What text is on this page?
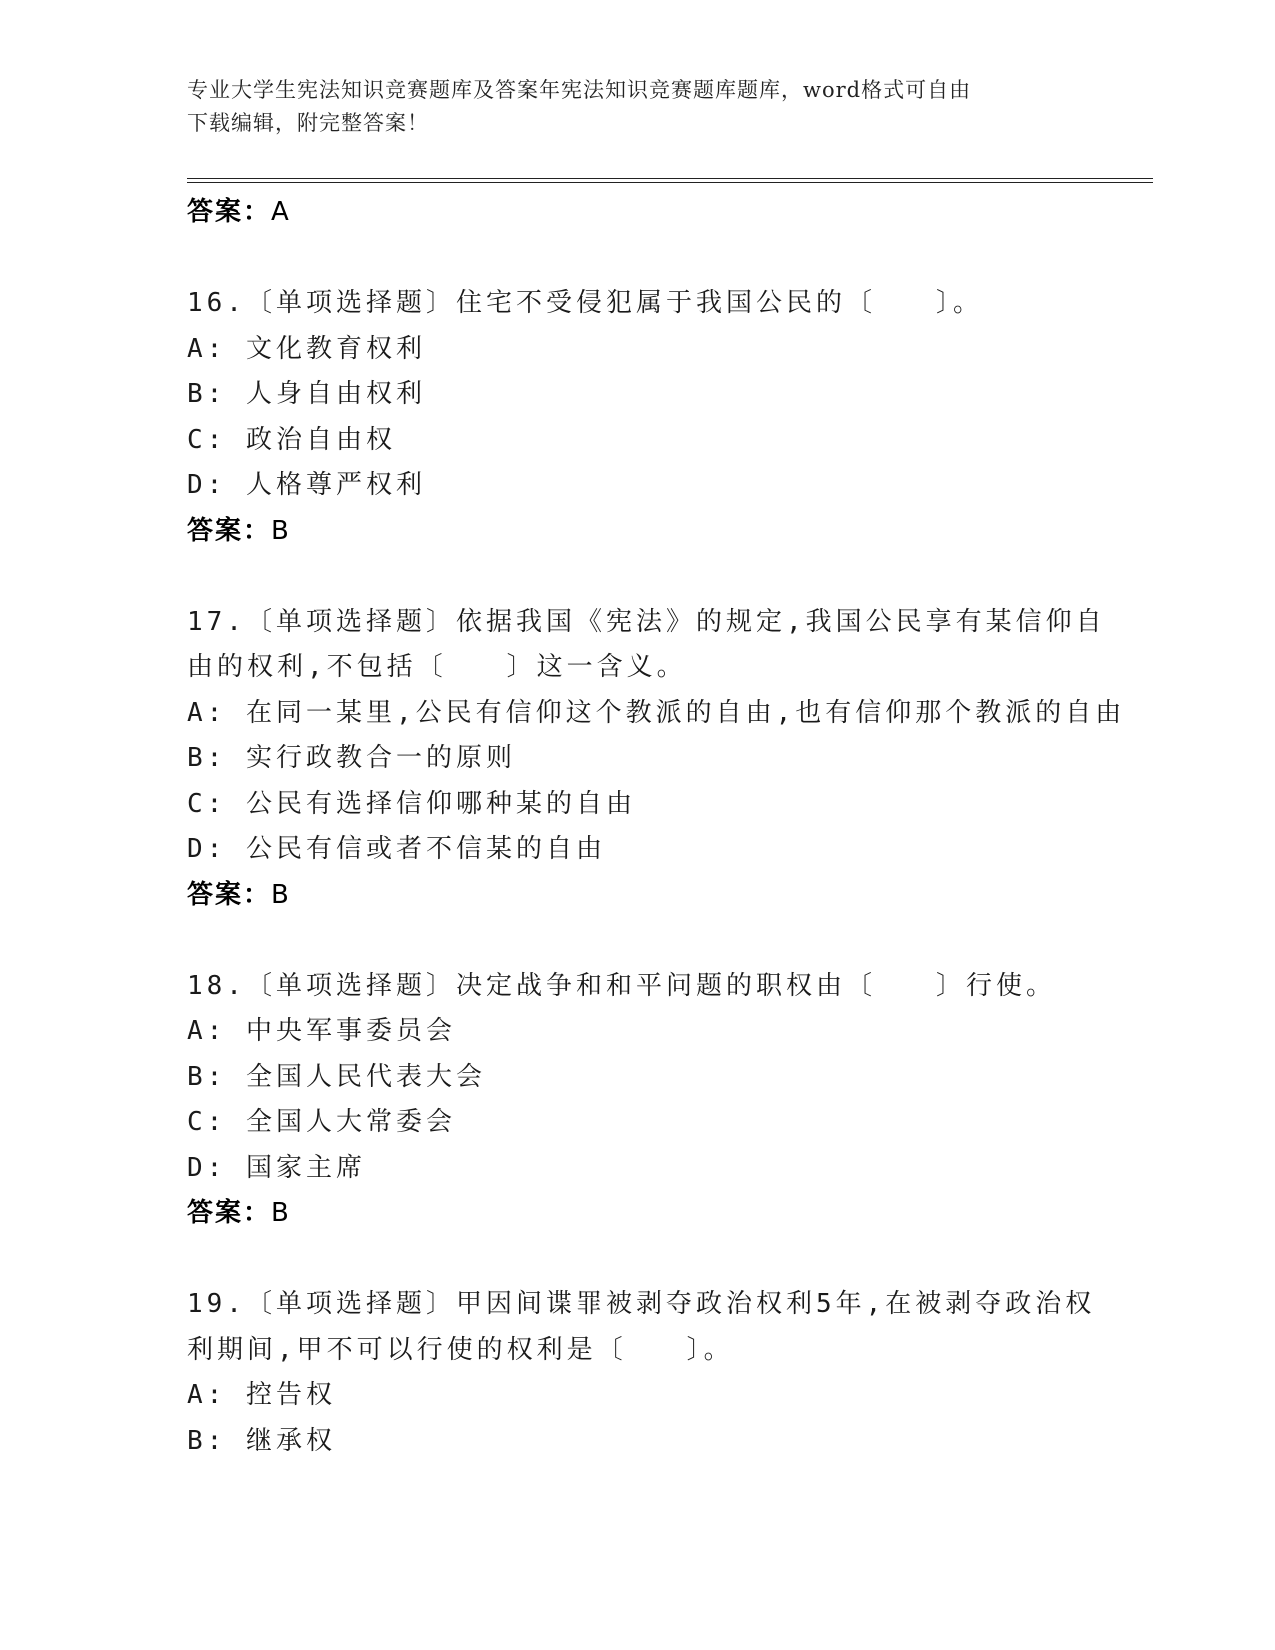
专业大学生宪法知识竞赛题库及答案年宪法知识竞赛题库题库，word格式可自由
下载编辑，附完整答案！
答案：A
16.〔单项选择题〕住宅不受侵犯属于我国公民的〔　　〕。
A: 文化教育权利
B: 人身自由权利
C: 政治自由权
D: 人格尊严权利
答案：B
17.〔单项选择题〕依据我国《宪法》的规定,我国公民享有某信仰自
由的权利,不包括〔　　〕这一含义。
A: 在同一某里,公民有信仰这个教派的自由,也有信仰那个教派的自由
B: 实行政教合一的原则
C: 公民有选择信仰哪种某的自由
D: 公民有信或者不信某的自由
答案：B
18.〔单项选择题〕决定战争和和平问题的职权由〔　　〕行使。
A: 中央军事委员会
B: 全国人民代表大会
C: 全国人大常委会
D: 国家主席
答案：B
19.〔单项选择题〕甲因间谍罪被剥夺政治权利5年,在被剥夺政治权
利期间,甲不可以行使的权利是〔　　〕。
A: 控告权
B: 继承权
